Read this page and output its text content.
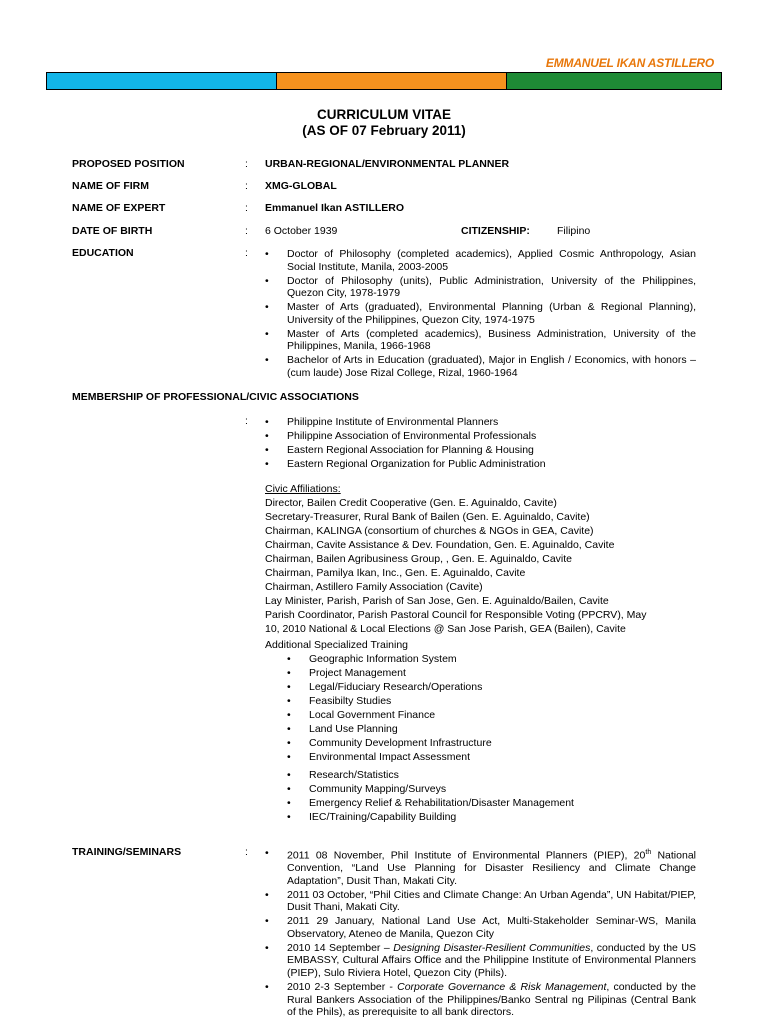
EMMANUEL IKAN ASTILLERO
CURRICULUM VITAE
(AS OF 07 February 2011)
PROPOSED POSITION	: URBAN-REGIONAL/ENVIRONMENTAL PLANNER
NAME OF FIRM	: XMG-GLOBAL
NAME OF EXPERT	: Emmanuel Ikan ASTILLERO
DATE OF BIRTH	: 6 October 1939	CITIZENSHIP:	Filipino
EDUCATION	:	• Doctor of Philosophy (completed academics), Applied Cosmic Anthropology, Asian Social Institute, Manila, 2003-2005
• Doctor of Philosophy (units), Public Administration, University of the Philippines, Quezon City, 1978-1979
• Master of Arts (graduated), Environmental Planning (Urban & Regional Planning), University of the Philippines, Quezon City, 1974-1975
• Master of Arts (completed academics), Business Administration, University of the Philippines, Manila, 1966-1968
• Bachelor of Arts in Education (graduated), Major in English / Economics, with honors – (cum laude) Jose Rizal College, Rizal, 1960-1964
MEMBERSHIP OF PROFESSIONAL/CIVIC ASSOCIATIONS
:	• Philippine Institute of Environmental Planners
• Philippine Association of Environmental Professionals
• Eastern Regional Association for Planning & Housing
• Eastern Regional Organization for Public Administration
Civic Affiliations:
Director, Bailen Credit Cooperative (Gen. E. Aguinaldo, Cavite)
Secretary-Treasurer, Rural Bank of Bailen (Gen. E. Aguinaldo, Cavite)
Chairman, KALINGA (consortium of churches & NGOs in GEA, Cavite)
Chairman, Cavite Assistance & Dev. Foundation, Gen. E. Aguinaldo, Cavite
Chairman, Bailen Agribusiness Group, , Gen. E. Aguinaldo, Cavite
Chairman, Pamilya Ikan, Inc., Gen. E. Aguinaldo, Cavite
Chairman, Astillero Family Association (Cavite)
Lay Minister, Parish, Parish of San Jose, Gen. E. Aguinaldo/Bailen, Cavite
Parish Coordinator, Parish Pastoral Council for Responsible Voting (PPCRV), May
10, 2010 National & Local Elections @ San Jose Parish, GEA (Bailen), Cavite
Additional Specialized Training
• Geographic Information System
• Project Management
• Legal/Fiduciary Research/Operations
• Feasibilty Studies
• Local Government Finance
• Land Use Planning
• Community Development Infrastructure
• Environmental Impact Assessment
• Research/Statistics
• Community Mapping/Surveys
• Emergency Relief & Rehabilitation/Disaster Management
• IEC/Training/Capability Building
TRAINING/SEMINARS	:	• 2011 08 November, Phil Institute of Environmental Planners (PIEP), 20th National Convention, “Land Use Planning for Disaster Resiliency and Climate Change Adaptation”, Dusit Than, Makati City.
• 2011 03 October, “Phil Cities and Climate Change: An Urban Agenda”, UN Habitat/PIEP, Dusit Thani, Makati City.
• 2011 29 January, National Land Use Act, Multi-Stakeholder Seminar-WS, Manila Observatory, Ateneo de Manila, Quezon City
• 2010 14 September – Designing Disaster-Resilient Communities, conducted by the US EMBASSY, Cultural Affairs Office and the Philippine Institute of Environmental Planners (PIEP), Sulo Riviera Hotel, Quezon City (Phils).
• 2010 2-3 September - Corporate Governance & Risk Management, conducted by the Rural Bankers Association of the Philippines/Banko Sentral ng Pilipinas (Central Bank of the Phils), as prerequisite to all bank directors.
